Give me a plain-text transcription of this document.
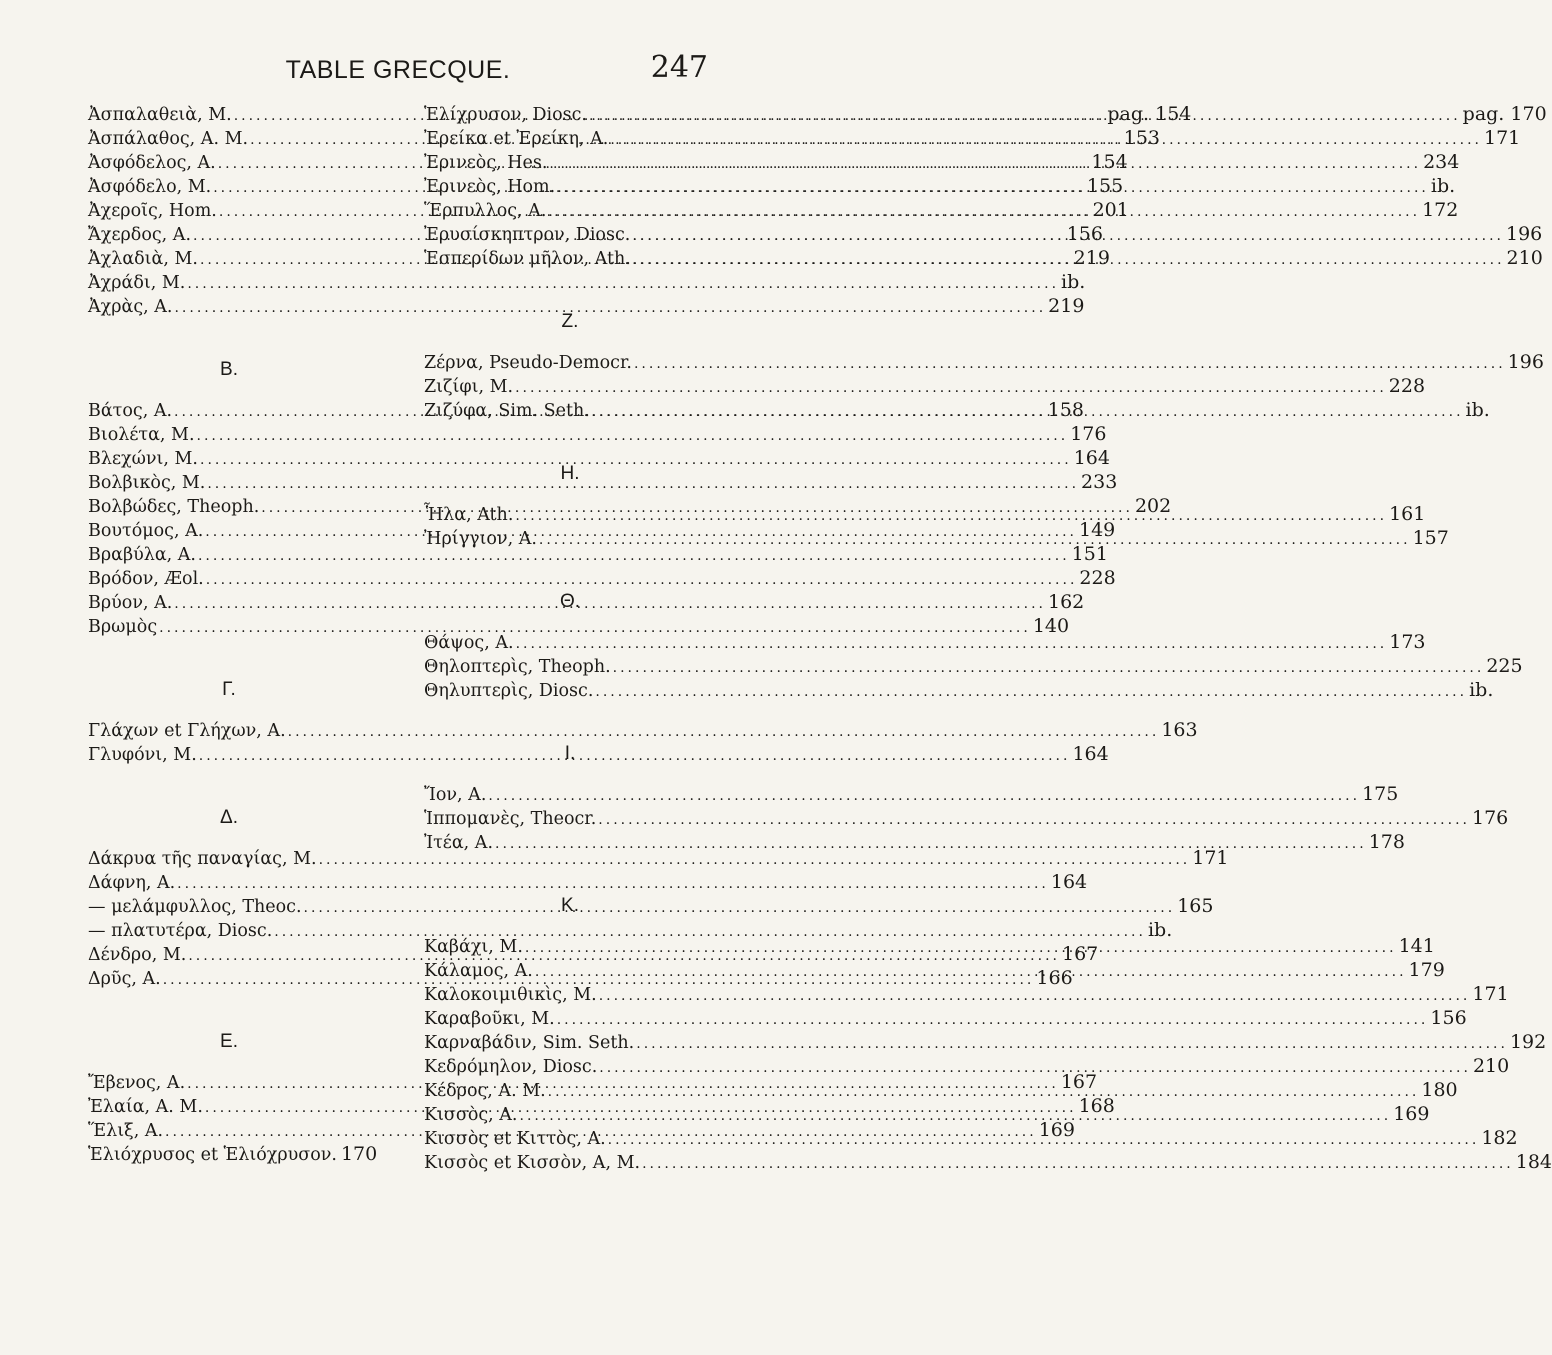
TABLE GRECQUE.	247
Ἀσπαλαθειὰ, M. .....	pag. 154
Ἀσπάλαθος, A. M. .....	153
Ἀσφόδελος, A. .....	154
Ἀσφόδελο, M. .....	155
Ἀχεροῖς, Hom. .....	201
Ἄχερδος, A. .....	156
Ἀχλαδιὰ, M. .....	219
Ἀχράδι, M. .....	ib.
Ἀχρὰς, A. .....	219
B.
Βάτος, A. .....	158
Βιολέτα, M. .....	176
Βλεχώνι, M. .....	164
Βολβικὸς, M. .....	233
Βολβώδες, Theoph. .....	202
Βουτόμος, A. .....	149
Βραβύλα, A. .....	151
Βρόδον, Æol. .....	228
Βρύον, A. .....	162
Βρωμὸς .....	140
Γ.
Γλάχων et Γλήχων, A. .....	163
Γλυφόνι, M. .....	164
Δ.
Δάκρυα τῆς παναγίας, M. .....	171
Δάφνη, A. .....	164
— μελάμφυλλος, Theoc. .....	165
— πλατυτέρα, Diosc. .....	ib.
Δένδρο, M. .....	167
Δρῦς, A. .....	166
E.
Ἔβενος, A. .....	167
Ἐλαία, A. M. .....	168
Ἕλιξ, A. .....	169
Ἑλιόχρυσος et Ἑλιόχρυσον. 170
Ἑλίχρυσον, Diosc. .....	pag. 170
Ἐρείκα et Ἐρείκη, A. .....	171
Ἐρινεὸς, Hes. .....	234
Ἐρινεὸς, Hom. .....	ib.
Ἕρπυλλος, A. .....	172
Ἐρυσίσκηπτρον, Diosc. .....	196
Ἑσπερίδων μῆλον, Ath. .....	210
Z.
Ζέρνα, Pseudo-Democr. .....	196
Ζιζίφι, M. .....	228
Ζιζύφα, Sim. Seth. .....	ib.
H.
Ἧλα, Ath. .....	161
Ἠρίγγιον, A. .....	157
Θ.
Θάψος, A. .....	173
Θηλοπτερὶς, Theoph. .....	225
Θηλυπτερὶς, Diosc. .....	ib.
I.
Ἴον, A. .....	175
Ἱππομανὲς, Theocr. .....	176
Ἰτέα, A. .....	178
K.
Καβάχι, M. .....	141
Κάλαμος, A. .....	179
Καλοκοιμιθικὶς, M. .....	171
Καραβοῦκι, M. .....	156
Καρναβάδιν, Sim. Seth. .....	192
Κεδρόμηλον, Diosc. .....	210
Κέδρος, A. M. .....	180
Κισσὸς, A. .....	169
Κισσὸς et Κιττὸς, A. .....	182
Κισσὸς et Κισσὸν, A, M. .....	184
